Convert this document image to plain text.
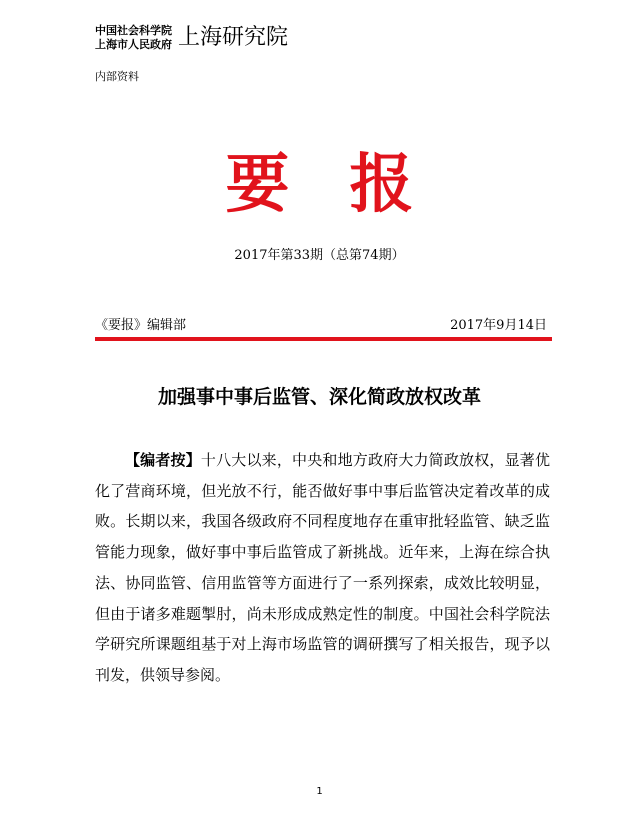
中国社会科学院
上海市人民政府 上海研究院
内部资料
要 报
2017年第33期（总第74期）
《要报》编辑部	2017年9月14日
加强事中事后监管、深化简政放权改革

【编者按】十八大以来，中央和地方政府大力简政放权，显著优化了营商环境，但光放不行，能否做好事中事后监管决定着改革的成败。长期以来，我国各级政府不同程度地存在重审批轻监管、缺乏监管能力现象，做好事中事后监管成了新挑战。近年来，上海在综合执法、协同监管、信用监管等方面进行了一系列探索，成效比较明显，但由于诸多难题掣肘，尚未形成成熟定性的制度。中国社会科学院法学研究所课题组基于对上海市场监管的调研撰写了相关报告，现予以刊发，供领导参阅。

1
